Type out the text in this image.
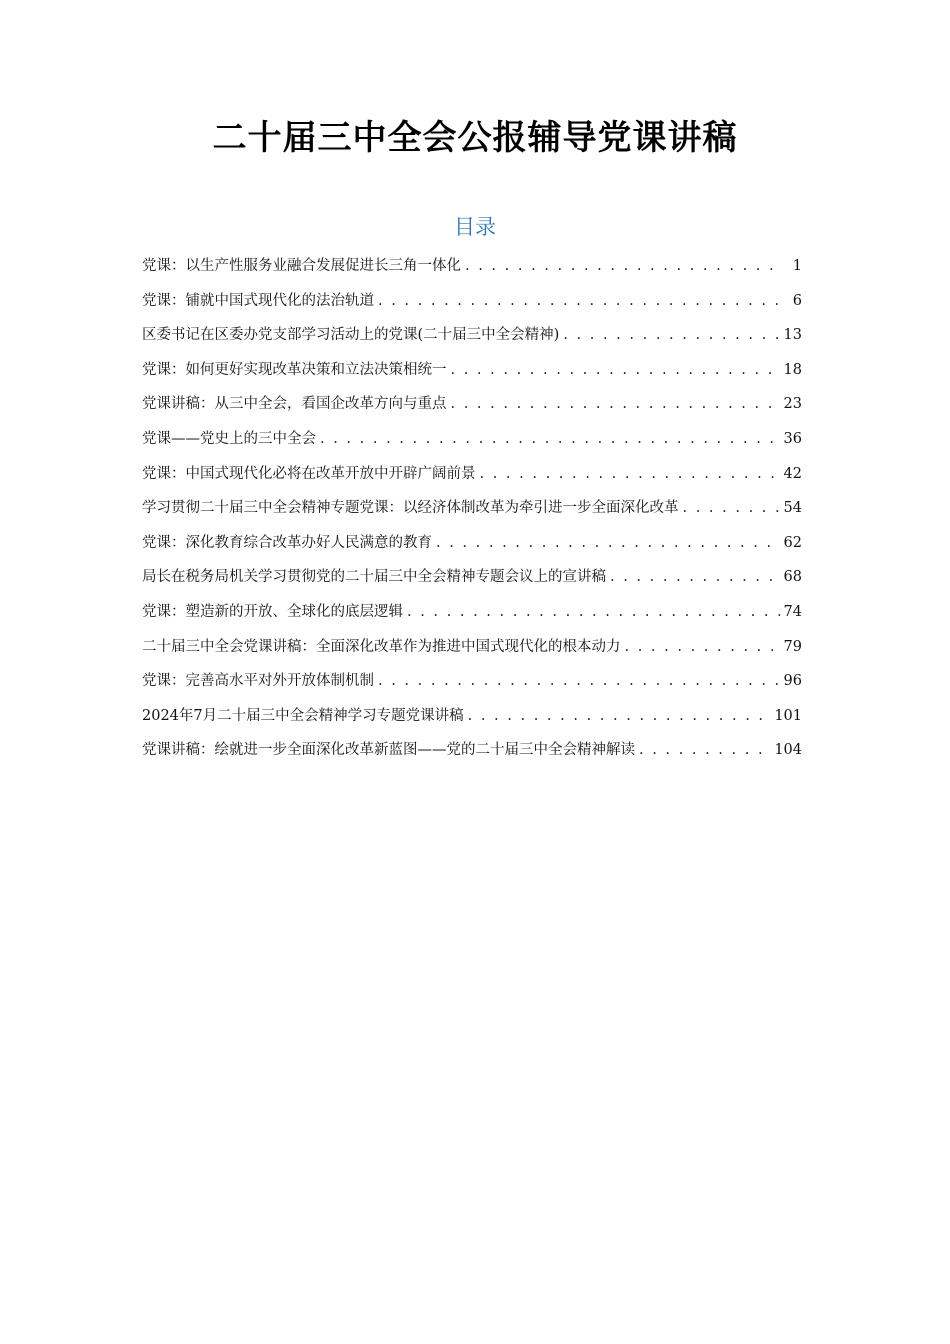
二十届三中全会公报辅导党课讲稿
目录
党课：以生产性服务业融合发展促进长三角一体化 . . .	1
党课：铺就中国式现代化的法治轨道 . . .	6
区委书记在区委办党支部学习活动上的党课(二十届三中全会精神) . . .	13
党课：如何更好实现改革决策和立法决策相统一 . . .	18
党课讲稿：从三中全会，看国企改革方向与重点 . . .	23
党课——党史上的三中全会 . . .	36
党课：中国式现代化必将在改革开放中开辟广阔前景 . . .	42
学习贯彻二十届三中全会精神专题党课：以经济体制改革为牵引进一步全面深化改革 . . .	54
党课：深化教育综合改革办好人民满意的教育 . . .	62
局长在税务局机关学习贯彻党的二十届三中全会精神专题会议上的宣讲稿 . . .	68
党课：塑造新的开放、全球化的底层逻辑 . . .	74
二十届三中全会党课讲稿：全面深化改革作为推进中国式现代化的根本动力 . . .	79
党课：完善高水平对外开放体制机制 . . .	96
2024年7月二十届三中全会精神学习专题党课讲稿 . . .	101
党课讲稿：绘就进一步全面深化改革新蓝图——党的二十届三中全会精神解读 . . .	104
